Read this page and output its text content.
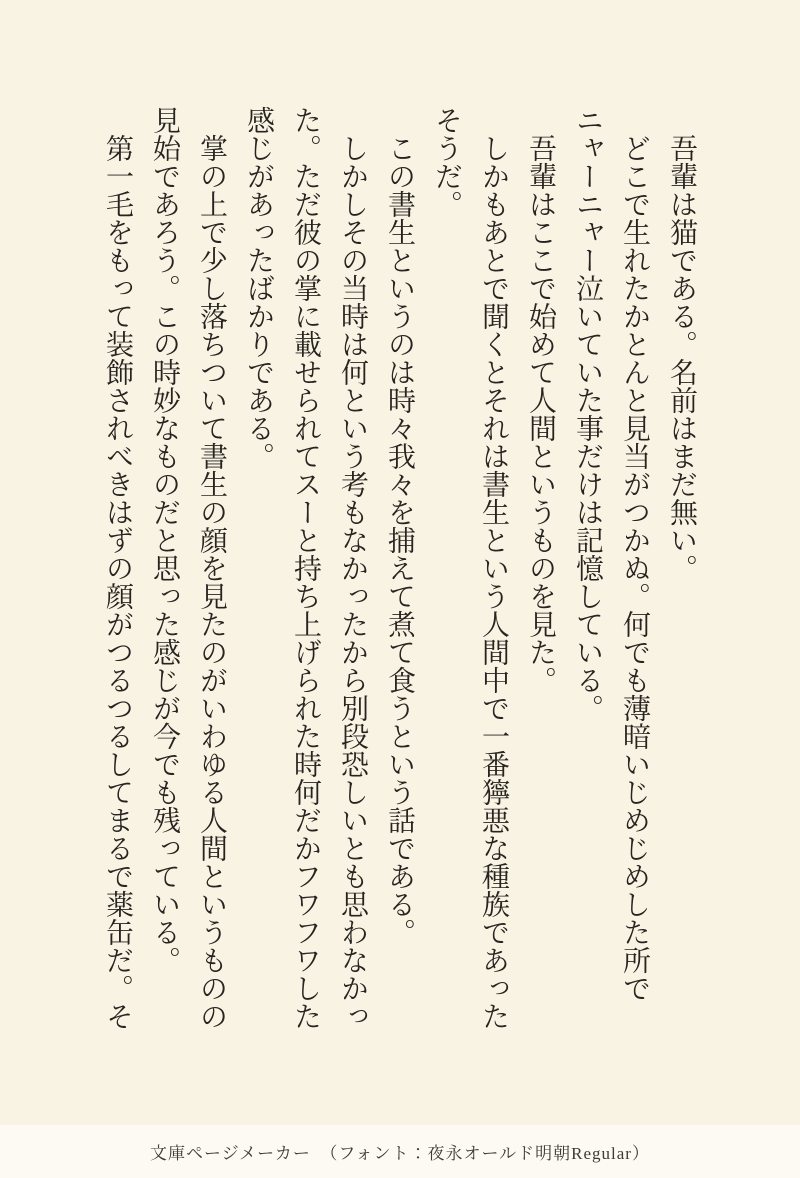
吾輩は猫である。名前はまだ無い。

どこで生れたかとんと見当がつかぬ。何でも薄暗いじめじめした所でニャーニャー泣いていた事だけは記憶している。

吾輩はここで始めて人間というものを見た。

しかもあとで聞くとそれは書生という人間中で一番獰悪な種族であったそうだ。

この書生というのは時々我々を捕えて煮て食うという話である。

しかしその当時は何という考もなかったから別段恐しいとも思わなかった。ただ彼の掌に載せられてスーと持ち上げられた時何だかフワフワした感じがあったばかりである。

掌の上で少し落ちついて書生の顔を見たのがいわゆる人間というものの見始であろう。この時妙なものだと思った感じが今でも残っている。

第一毛をもって装飾されべきはずの顔がつるつるしてまるで薬缶だ。そ

文庫ページメーカー　（フォント：夜永オールド明朝Regular）
